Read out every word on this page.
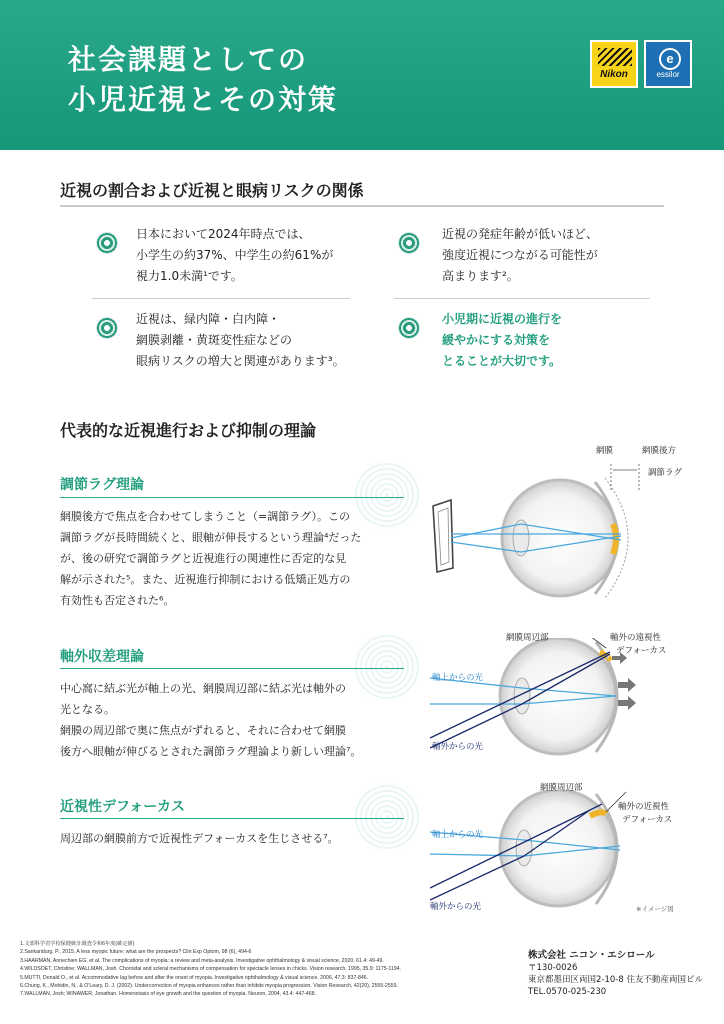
社会課題としての
小児近視とその対策
Nikon
e
essilor
近視の割合および近視と眼病リスクの関係
日本において2024年時点では、
小学生の約37%、中学生の約61%が
視力1.0未満¹です。
近視の発症年齢が低いほど、
強度近視につながる可能性が
高まります²。
近視は、緑内障・白内障・
網膜剥離・黄斑変性症などの
眼病リスクの増大と関連があります³。
小児期に近視の進行を
緩やかにする対策を
とることが大切です。
代表的な近視進行および抑制の理論
調節ラグ理論
網膜後方で焦点を合わせてしまうこと（=調節ラグ）。この
調節ラグが長時間続くと、眼軸が伸長するという理論⁴だった
が、後の研究で調節ラグと近視進行の関連性に否定的な見
解が示された⁵。また、近視進行抑制における低矯正処方の
有効性も否定された⁶。
軸外収差理論
中心窩に結ぶ光が軸上の光、網膜周辺部に結ぶ光は軸外の
光となる。
網膜の周辺部で奥に焦点がずれると、それに合わせて網膜
後方へ眼軸が伸びるとされた調節ラグ理論より新しい理論⁷。
近視性デフォーカス
周辺部の網膜前方で近視性デフォーカスを生じさせる⁷。
網膜	網膜後方
調節ラグ
網膜周辺部	軸外の遠視性
デフォーカス
軸上からの光
軸外からの光
網膜周辺部
軸外の近視性
デフォーカス
軸上からの光
軸外からの光	※イメージ図
1.文部科学省学校保健統計調査令和6年度(確定値)
2.Sankaridurg, P., 2015. A less myopic future: what are the prospects? Clin Exp Optom, 98 (6), 494-6
3.HAARMAN, Annechien EG, et al. The complications of myopia: a review and meta-analysis. Investigative ophthalmology & visual science, 2020, 61.4: 49-49.
4.WILDSOET, Christine; WALLMAN, Josh. Choroidal and scleral mechanisms of compensation for spectacle lenses in chicks. Vision research, 1995, 35.9: 1175-1194.
5.MUTTI, Donald O., et al. Accommodative lag before and after the onset of myopia. Investigative ophthalmology & visual science, 2006, 47.3: 837-846.
6.Chung, K., Mohidin, N., & O'Leary, D. J. (2002). Undercorrection of myopia enhances rather than inhibits myopia progression. Vision Research, 42(20), 2555-2559.
7.WALLMAN, Josh; WINAWER, Jonathan. Homeostasis of eye growth and the question of myopia. Neuron, 2004, 43.4: 447-468.
株式会社 ニコン・エシロール
〒130-0026
東京都墨田区両国2-10-8 住友不動産両国ビル
TEL.0570-025-230
